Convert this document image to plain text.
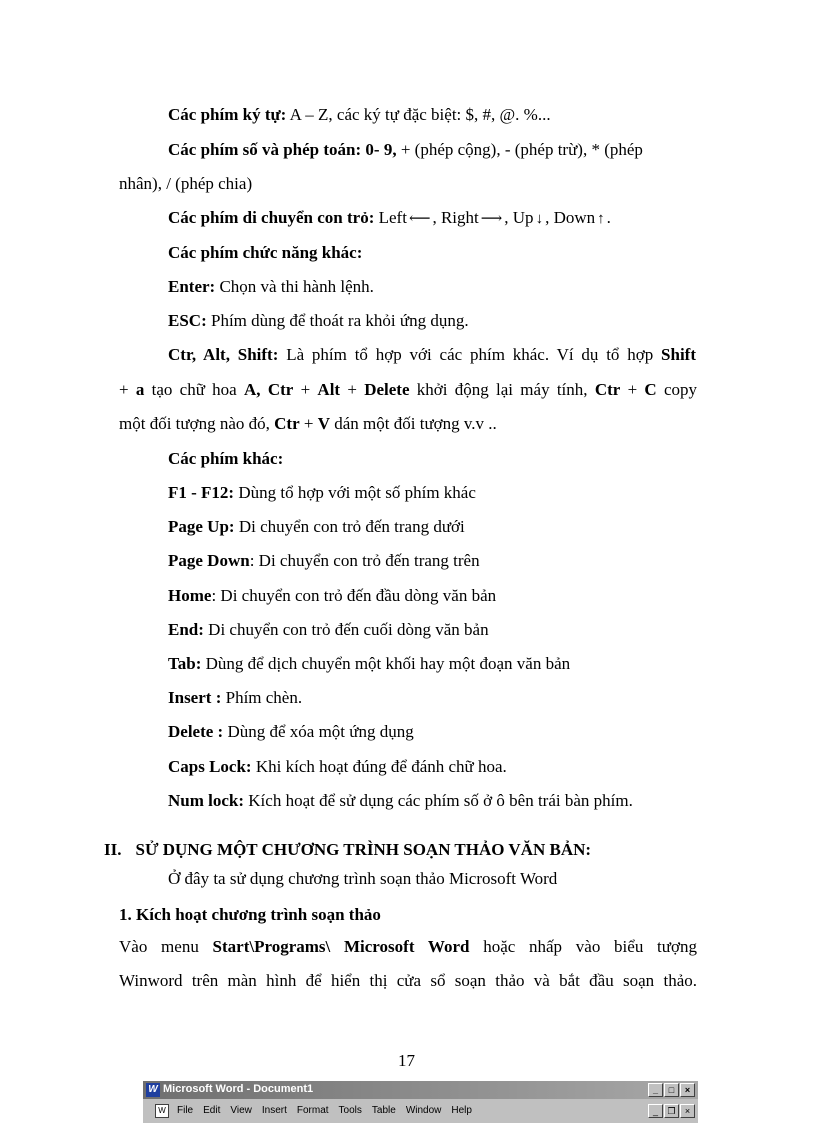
Các phím ký tự: A – Z, các ký tự đặc biệt: $, #, @. %...
Các phím số và phép toán: 0- 9, + (phép cộng), - (phép trừ), * (phép
nhân), / (phép chia)
Các phím di chuyển con trỏ: Left ⟵ , Right ⟶ , Up ↓ , Down ↑ .
Các phím chức năng khác:
Enter: Chọn và thi hành lệnh.
ESC: Phím dùng để thoát ra khỏi ứng dụng.
Ctr, Alt, Shift: Là phím tổ hợp với các phím khác. Ví dụ tổ hợp Shift
+ a tạo chữ hoa A, Ctr + Alt + Delete khởi động lại máy tính, Ctr + C copy
một đối tượng nào đó, Ctr + V dán một đối tượng v.v ..
Các phím khác:
F1 - F12: Dùng tổ hợp với một số phím khác
Page Up: Di chuyển con trỏ đến trang dưới
Page Down: Di chuyển con trỏ đến trang trên
Home: Di chuyển con trỏ đến đầu dòng văn bản
End: Di chuyển con trỏ đến cuối dòng văn bản
Tab: Dùng để dịch chuyển một khối hay một đoạn văn bản
Insert : Phím chèn.
Delete : Dùng để xóa một ứng dụng
Caps Lock: Khi kích hoạt đúng để đánh chữ hoa.
Num lock: Kích hoạt để sử dụng các phím số ở ô bên trái bàn phím.
II. SỬ DỤNG MỘT CHƯƠNG TRÌNH SOẠN THẢO VĂN BẢN:
Ở đây ta sử dụng chương trình soạn thảo Microsoft Word
1. Kích hoạt chương trình soạn thảo
Vào menu Start\Programs\ Microsoft Word hoặc nhấp vào biểu tượng
Winword trên màn hình để hiển thị cửa sổ soạn thảo và bắt đầu soạn thảo.
17
W Microsoft Word - Document1	_	□	×
W	File Edit View Insert Format Tools Table Window Help	_	❐	×
